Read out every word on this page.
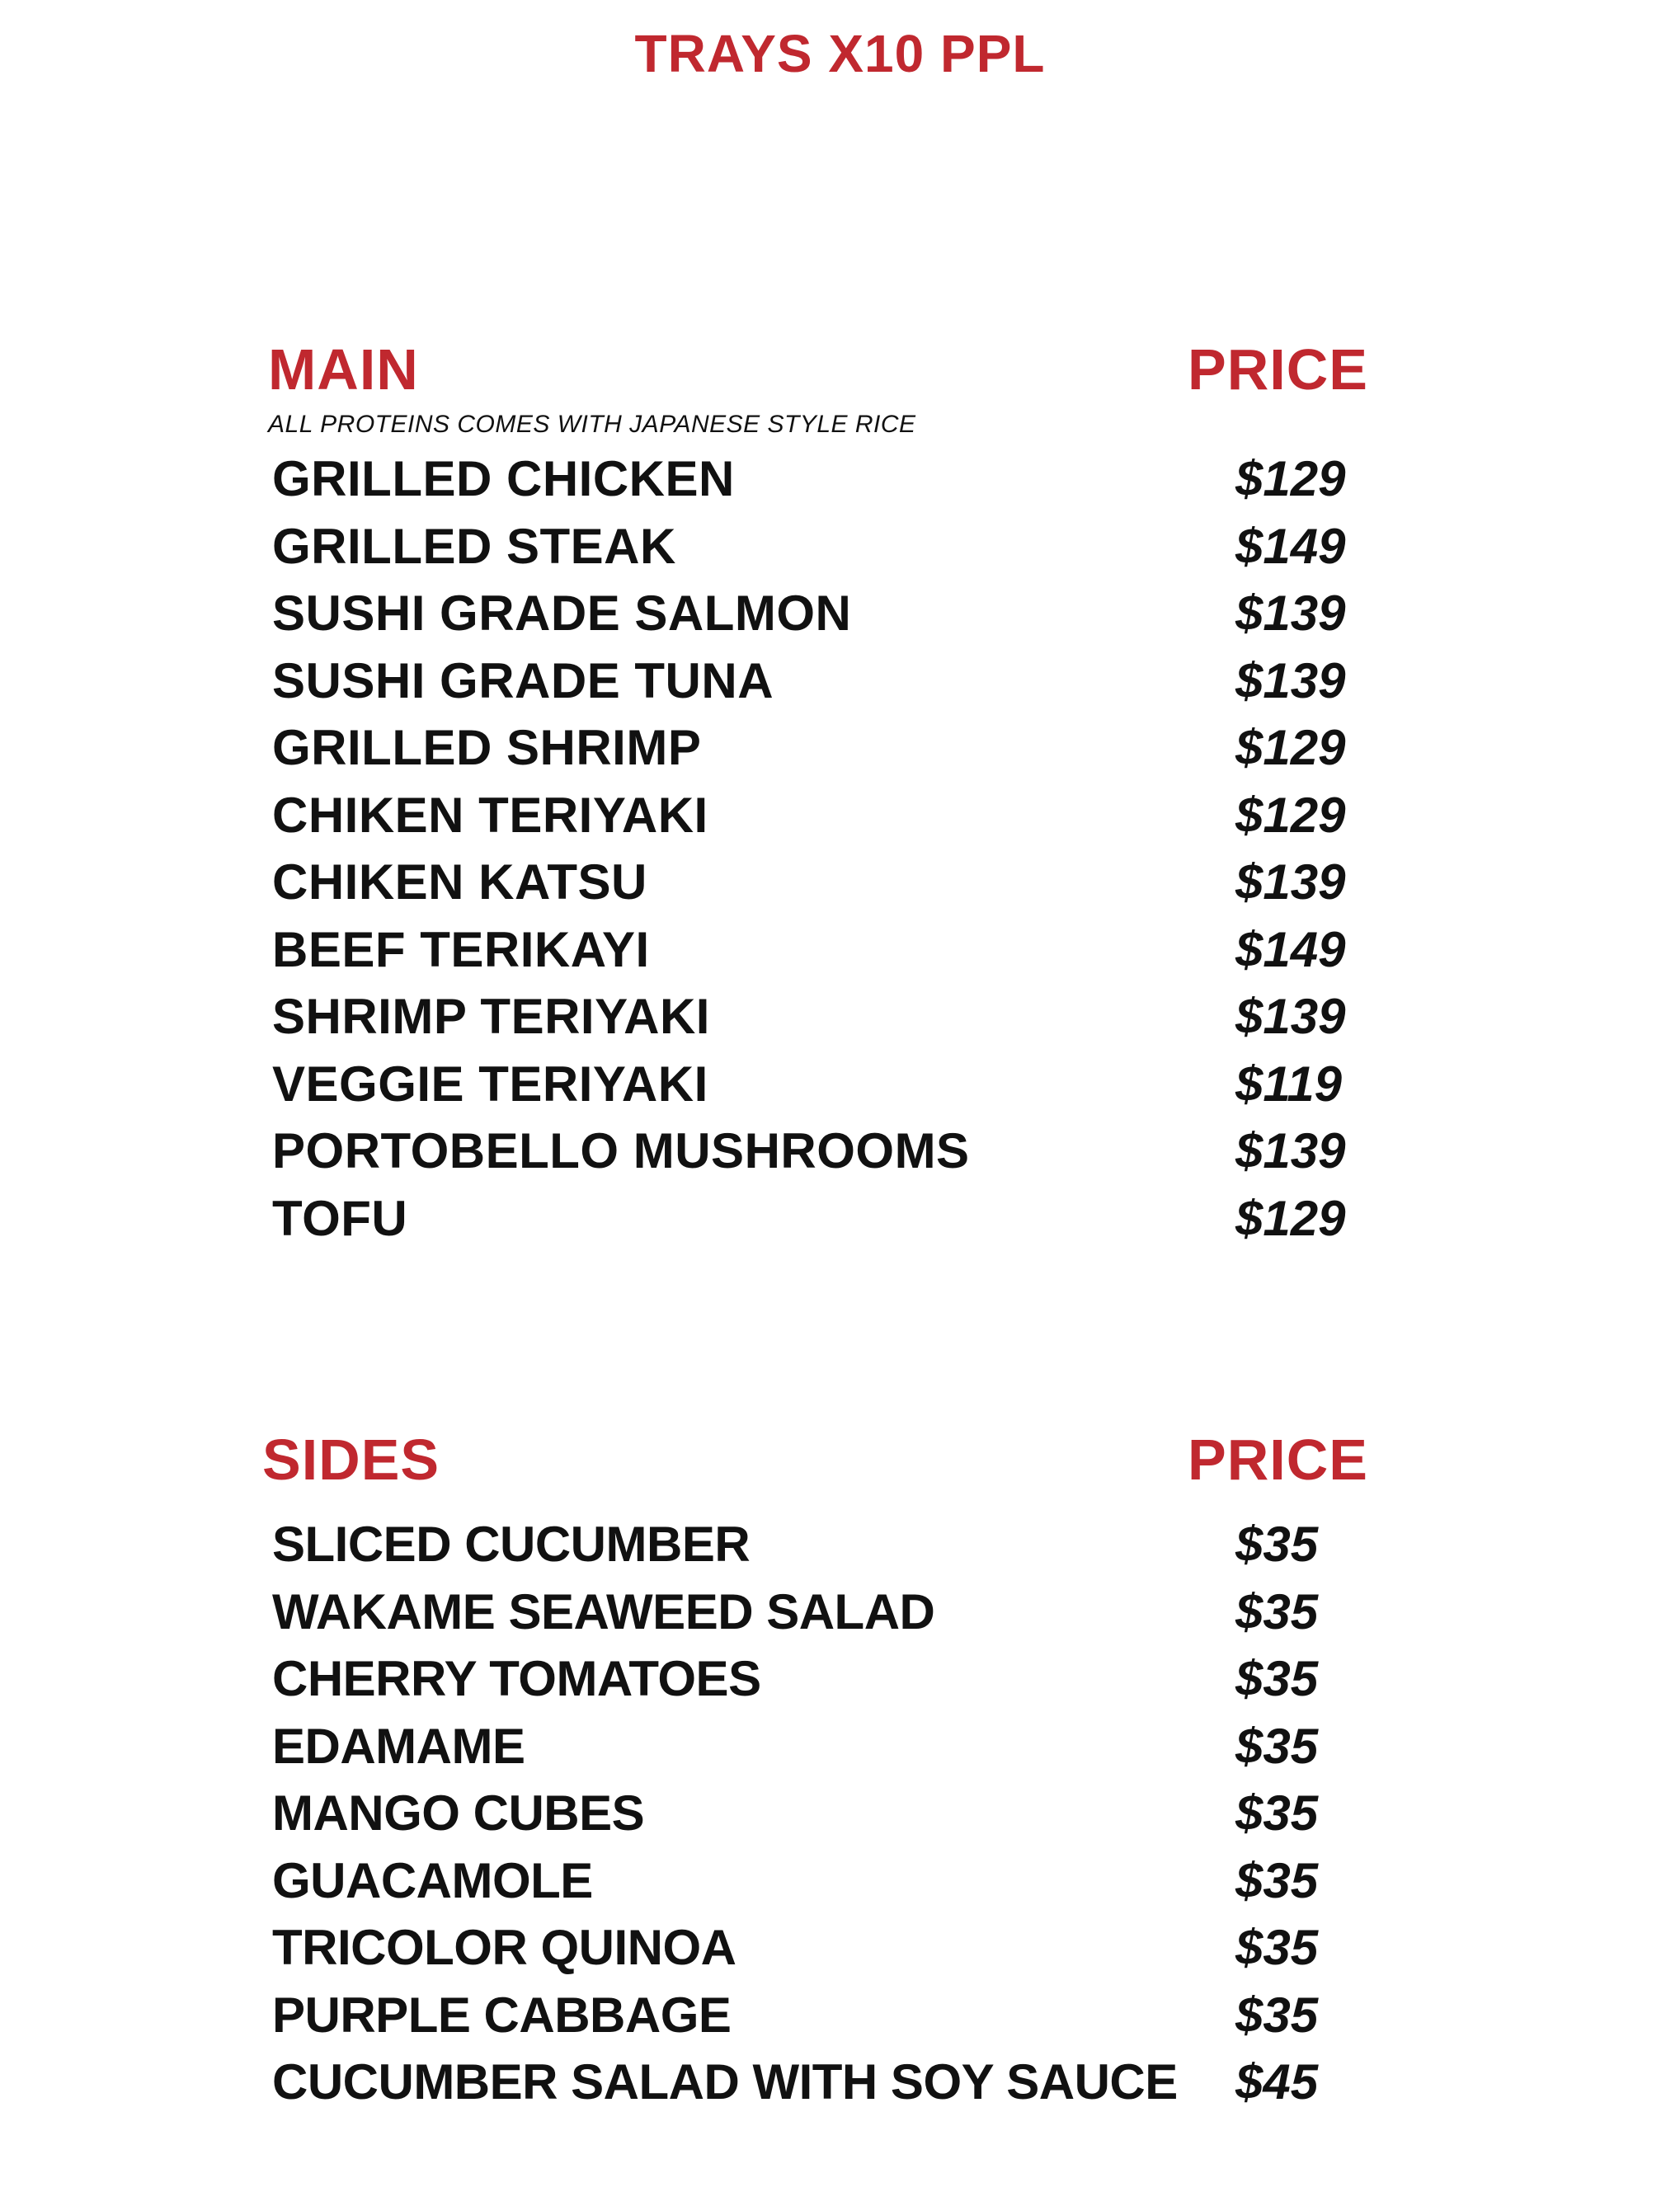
TRAYS X10 PPL
MAIN	PRICE
ALL PROTEINS COMES WITH JAPANESE STYLE RICE
GRILLED CHICKEN	$129
GRILLED STEAK	$149
SUSHI GRADE SALMON	$139
SUSHI GRADE TUNA	$139
GRILLED SHRIMP	$129
CHIKEN TERIYAKI	$129
CHIKEN KATSU	$139
BEEF TERIKAYI	$149
SHRIMP TERIYAKI	$139
VEGGIE TERIYAKI	$119
PORTOBELLO MUSHROOMS	$139
TOFU	$129
SIDES	PRICE
SLICED CUCUMBER	$35
WAKAME SEAWEED SALAD	$35
CHERRY TOMATOES	$35
EDAMAME	$35
MANGO CUBES	$35
GUACAMOLE	$35
TRICOLOR QUINOA	$35
PURPLE CABBAGE	$35
CUCUMBER SALAD WITH SOY SAUCE $45
